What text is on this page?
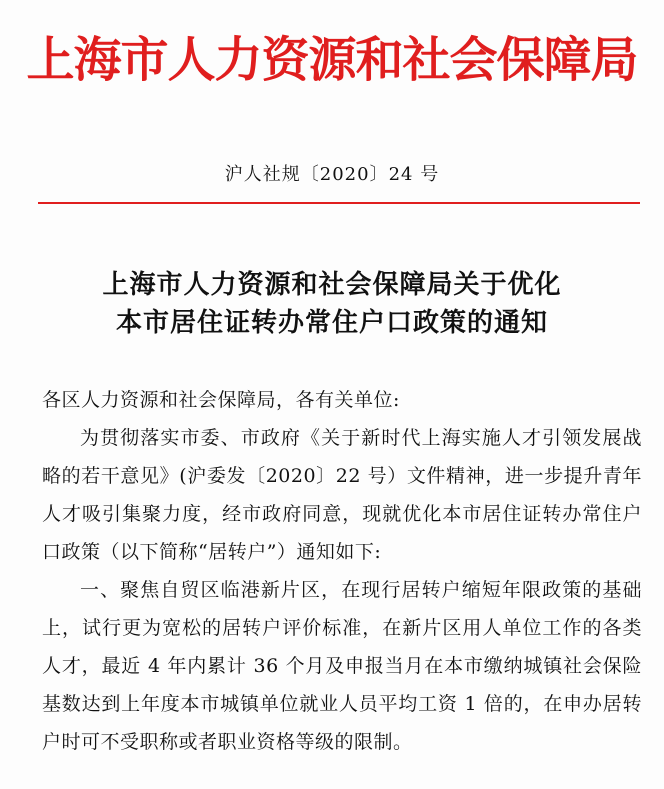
上海市人力资源和社会保障局
沪人社规〔2020〕24 号
上海市人力资源和社会保障局关于优化
本市居住证转办常住户口政策的通知

各区人力资源和社会保障局，各有关单位:

为贯彻落实市委、市政府《关于新时代上海实施人才引领发展战略的若干意见》(沪委发〔2020〕22 号）文件精神，进一步提升青年人才吸引集聚力度，经市政府同意，现就优化本市居住证转办常住户口政策（以下简称“居转户”）通知如下:

一、聚焦自贸区临港新片区，在现行居转户缩短年限政策的基础上，试行更为宽松的居转户评价标准，在新片区用人单位工作的各类人才，最近 4 年内累计 36 个月及申报当月在本市缴纳城镇社会保险基数达到上年度本市城镇单位就业人员平均工资 1 倍的，在申办居转户时可不受职称或者职业资格等级的限制。
